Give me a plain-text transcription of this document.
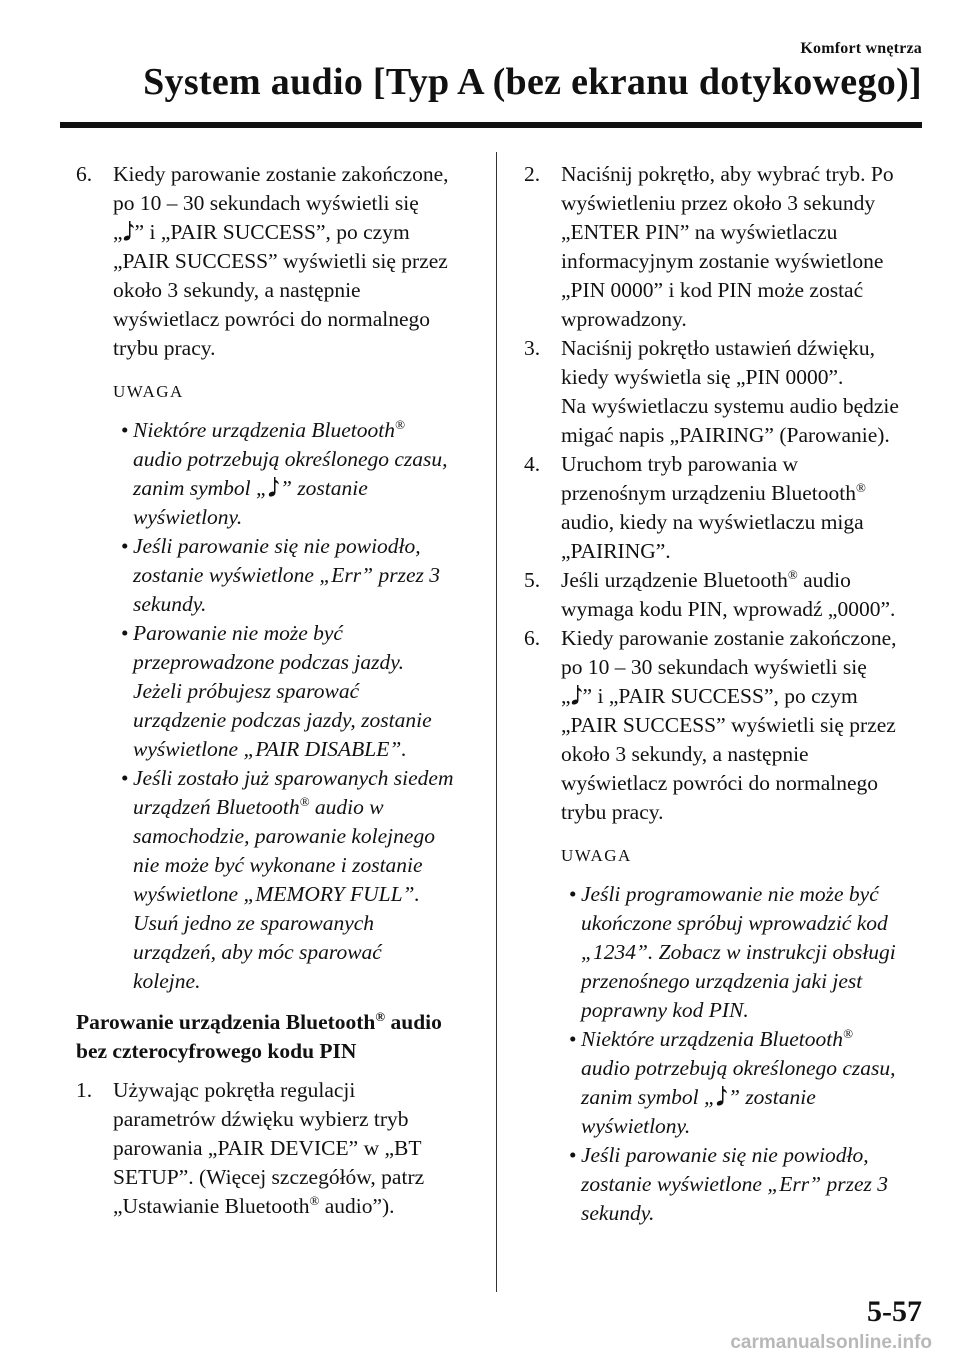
Komfort wnętrza
System audio [Typ A (bez ekranu dotykowego)]
6. Kiedy parowanie zostanie zakończone,

po 10 – 30 sekundach wyświetli się

„ ” i „PAIR SUCCESS”, po czym

„PAIR SUCCESS” wyświetli się przez

około 3 sekundy, a następnie

wyświetlacz powróci do normalnego

trybu pracy.

UWAGA
• Niektóre urządzenia Bluetooth®

audio potrzebują określonego czasu,

zanim symbol „ ” zostanie

wyświetlony.

• Jeśli parowanie się nie powiodło,

zostanie wyświetlone „Err” przez 3

sekundy.

• Parowanie nie może być

przeprowadzone podczas jazdy.

Jeżeli próbujesz sparować

urządzenie podczas jazdy, zostanie

wyświetlone „PAIR DISABLE”.

• Jeśli zostało już sparowanych siedem

urządzeń Bluetooth® audio w

samochodzie, parowanie kolejnego

nie może być wykonane i zostanie

wyświetlone „MEMORY FULL”.

Usuń jedno ze sparowanych

urządzeń, aby móc sparować

kolejne.

Parowanie urządzenia Bluetooth® audio

bez czterocyfrowego kodu PIN

1. Używając pokrętła regulacji

parametrów dźwięku wybierz tryb

parowania „PAIR DEVICE” w „BT

SETUP”. (Więcej szczegółów, patrz

„Ustawianie Bluetooth® audio”).

2. Naciśnij pokrętło, aby wybrać tryb. Po

wyświetleniu przez około 3 sekundy

„ENTER PIN” na wyświetlaczu

informacyjnym zostanie wyświetlone

„PIN 0000” i kod PIN może zostać

wprowadzony.

3. Naciśnij pokrętło ustawień dźwięku,

kiedy wyświetla się „PIN 0000”.

Na wyświetlaczu systemu audio będzie

migać napis „PAIRING” (Parowanie).

4. Uruchom tryb parowania w

przenośnym urządzeniu Bluetooth®

audio, kiedy na wyświetlaczu miga

„PAIRING”.

5. Jeśli urządzenie Bluetooth® audio

wymaga kodu PIN, wprowadź „0000”.

6. Kiedy parowanie zostanie zakończone,

po 10 – 30 sekundach wyświetli się

„ ” i „PAIR SUCCESS”, po czym

„PAIR SUCCESS” wyświetli się przez

około 3 sekundy, a następnie

wyświetlacz powróci do normalnego

trybu pracy.

UWAGA
• Jeśli programowanie nie może być

ukończone spróbuj wprowadzić kod

„1234”. Zobacz w instrukcji obsługi

przenośnego urządzenia jaki jest

poprawny kod PIN.

• Niektóre urządzenia Bluetooth®

audio potrzebują określonego czasu,

zanim symbol „ ” zostanie

wyświetlony.

• Jeśli parowanie się nie powiodło,

zostanie wyświetlone „Err” przez 3

sekundy.

5-57
carmanualsonline.info
